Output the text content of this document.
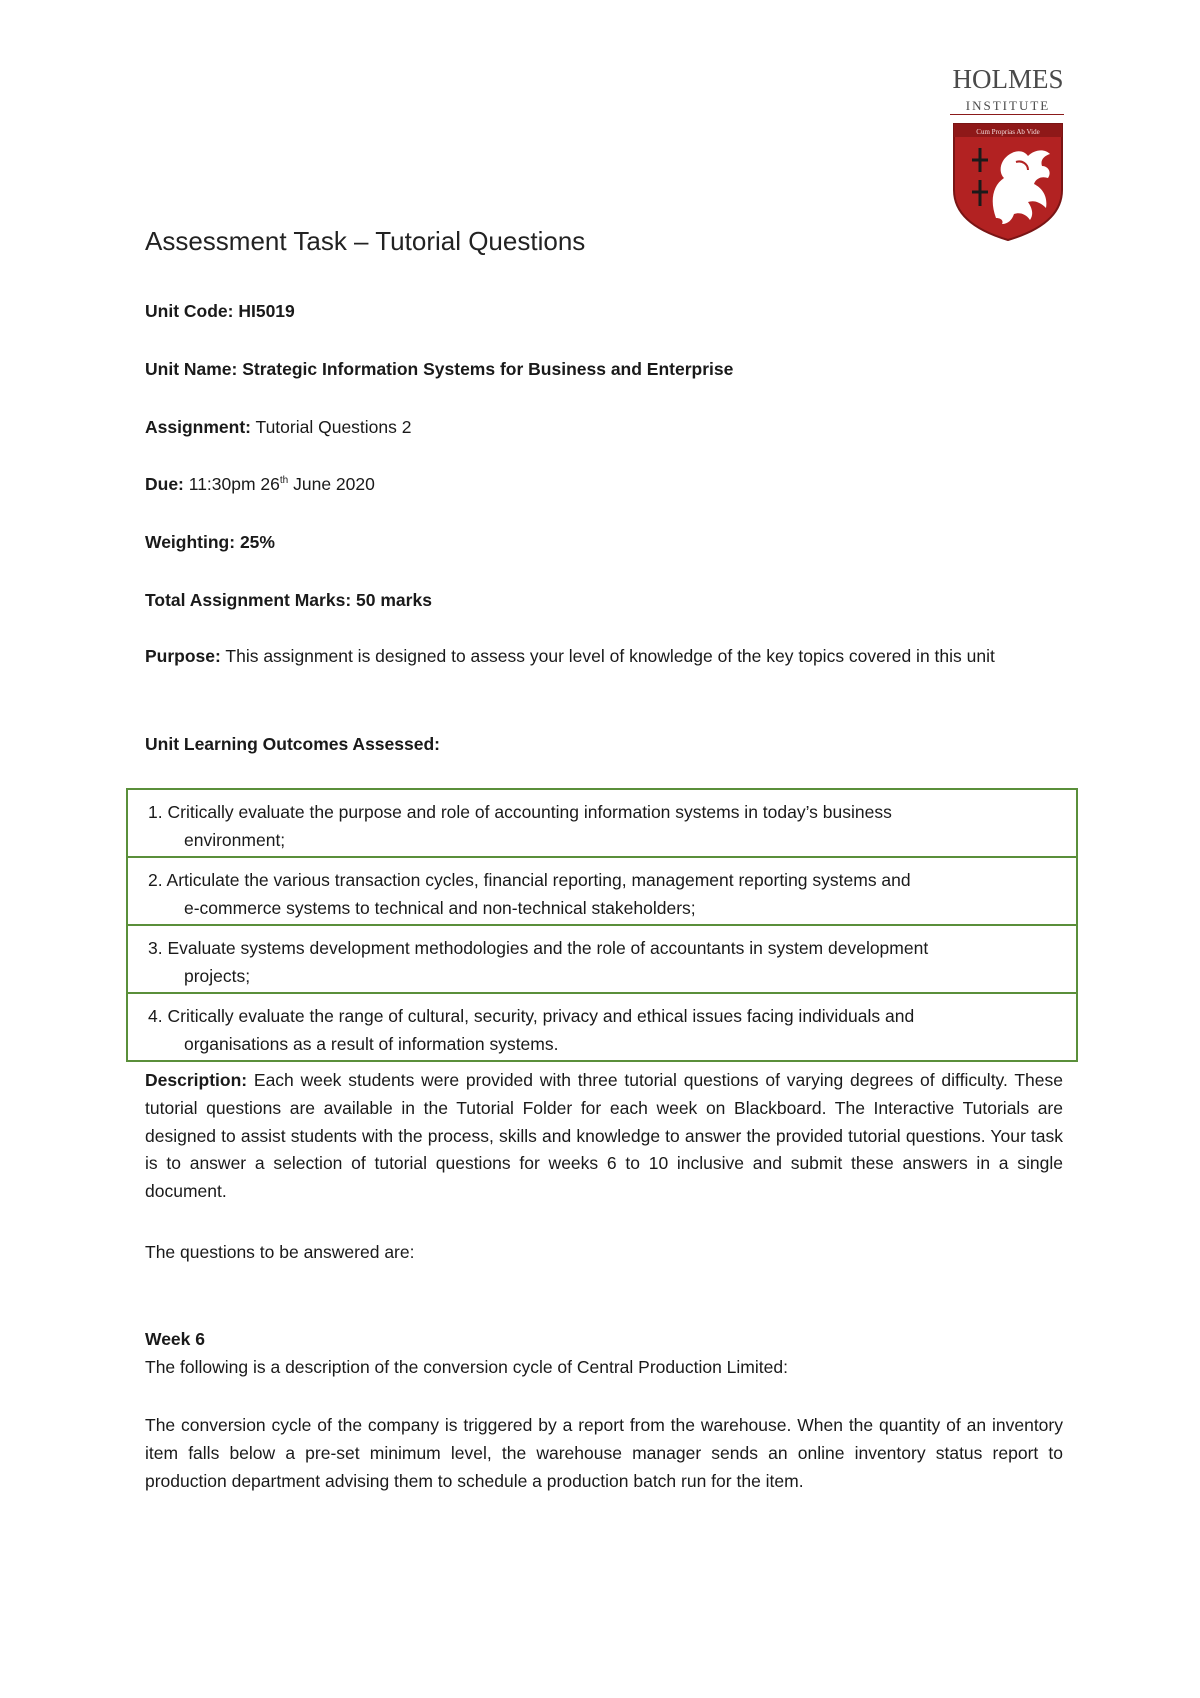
HOLMES
INSTITUTE
Cum Proprias Ab Vide
Assessment Task – Tutorial Questions
Unit Code: HI5019
Unit Name: Strategic Information Systems for Business and Enterprise
Assignment: Tutorial Questions 2
Due: 11:30pm 26th June 2020
Weighting: 25%
Total Assignment Marks: 50 marks
Purpose: This assignment is designed to assess your level of knowledge of the key topics covered in this unit
Unit Learning Outcomes Assessed:
1. Critically evaluate the purpose and role of accounting information systems in today’s business
environment;
2. Articulate the various transaction cycles, financial reporting, management reporting systems and
e-commerce systems to technical and non-technical stakeholders;
3. Evaluate systems development methodologies and the role of accountants in system development
projects;
4. Critically evaluate the range of cultural, security, privacy and ethical issues facing individuals and
organisations as a result of information systems.
Description: Each week students were provided with three tutorial questions of varying degrees of difficulty. These tutorial questions are available in the Tutorial Folder for each week on Blackboard. The Interactive Tutorials are designed to assist students with the process, skills and knowledge to answer the provided tutorial questions. Your task is to answer a selection of tutorial questions for weeks 6 to 10 inclusive and submit these answers in a single document.
The questions to be answered are:
Week 6
The following is a description of the conversion cycle of Central Production Limited:
The conversion cycle of the company is triggered by a report from the warehouse. When the quantity of an inventory item falls below a pre-set minimum level, the warehouse manager sends an online inventory status report to production department advising them to schedule a production batch run for the item.
